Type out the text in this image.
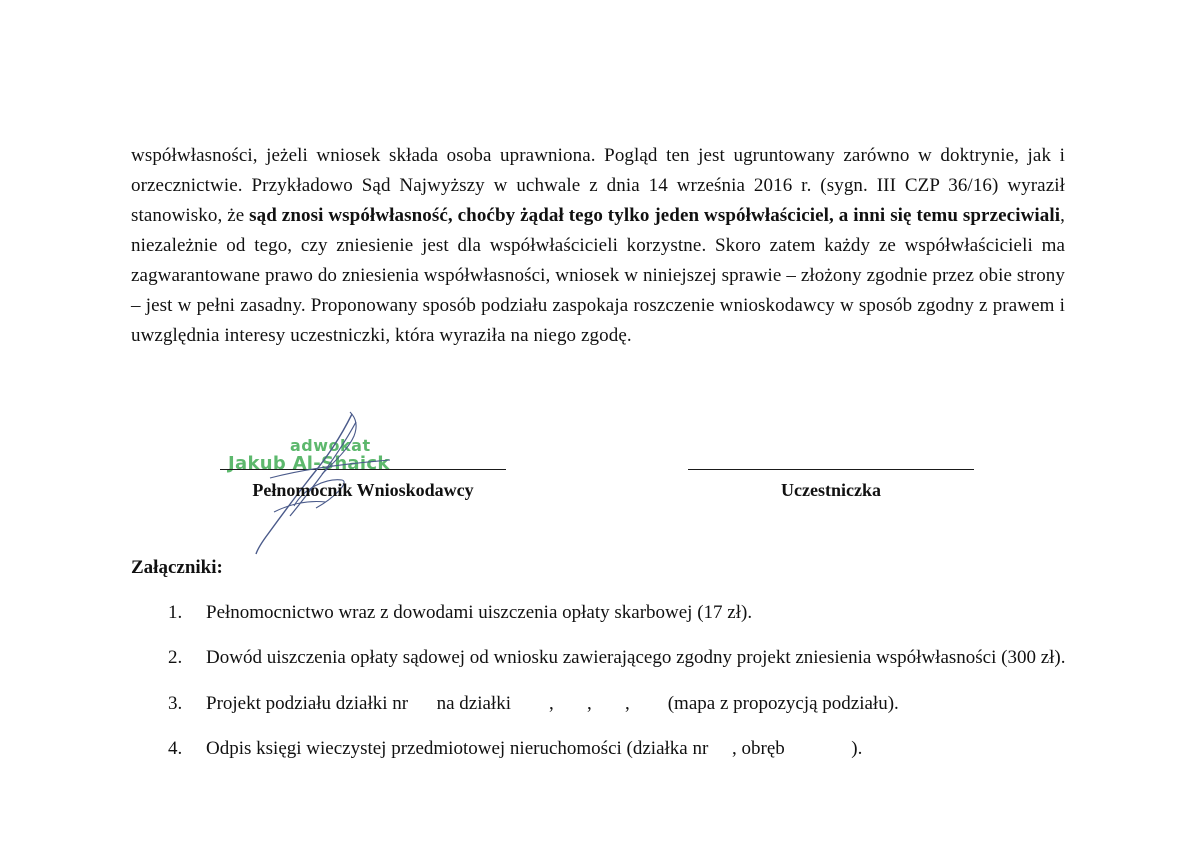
współwłasności, jeżeli wniosek składa osoba uprawniona. Pogląd ten jest ugruntowany zarówno w doktrynie, jak i orzecznictwie. Przykładowo Sąd Najwyższy w uchwale z dnia 14 września 2016 r. (sygn. III CZP 36/16) wyraził stanowisko, że sąd znosi współwłasność, choćby żądał tego tylko jeden współwłaściciel, a inni się temu sprzeciwiali, niezależnie od tego, czy zniesienie jest dla współwłaścicieli korzystne. Skoro zatem każdy ze współwłaścicieli ma zagwarantowane prawo do zniesienia współwłasności, wniosek w niniejszej sprawie – złożony zgodnie przez obie strony – jest w pełni zasadny. Proponowany sposób podziału zaspokaja roszczenie wnioskodawcy w sposób zgodny z prawem i uwzględnia interesy uczestniczki, która wyraziła na niego zgodę.

adwokat
Jakub Al-Shaick
Pełnomocnik Wnioskodawcy	Uczestniczka
Załączniki:
1. Pełnomocnictwo wraz z dowodami uiszczenia opłaty skarbowej (17 zł).
2. Dowód uiszczenia opłaty sądowej od wniosku zawierającego zgodny projekt zniesienia współwłasności (300 zł).
3. Projekt podziału działki nr      na działki        ,       ,       ,        (mapa z propozycją podziału).
4. Odpis księgi wieczystej przedmiotowej nieruchomości (działka nr     , obręb              ).
